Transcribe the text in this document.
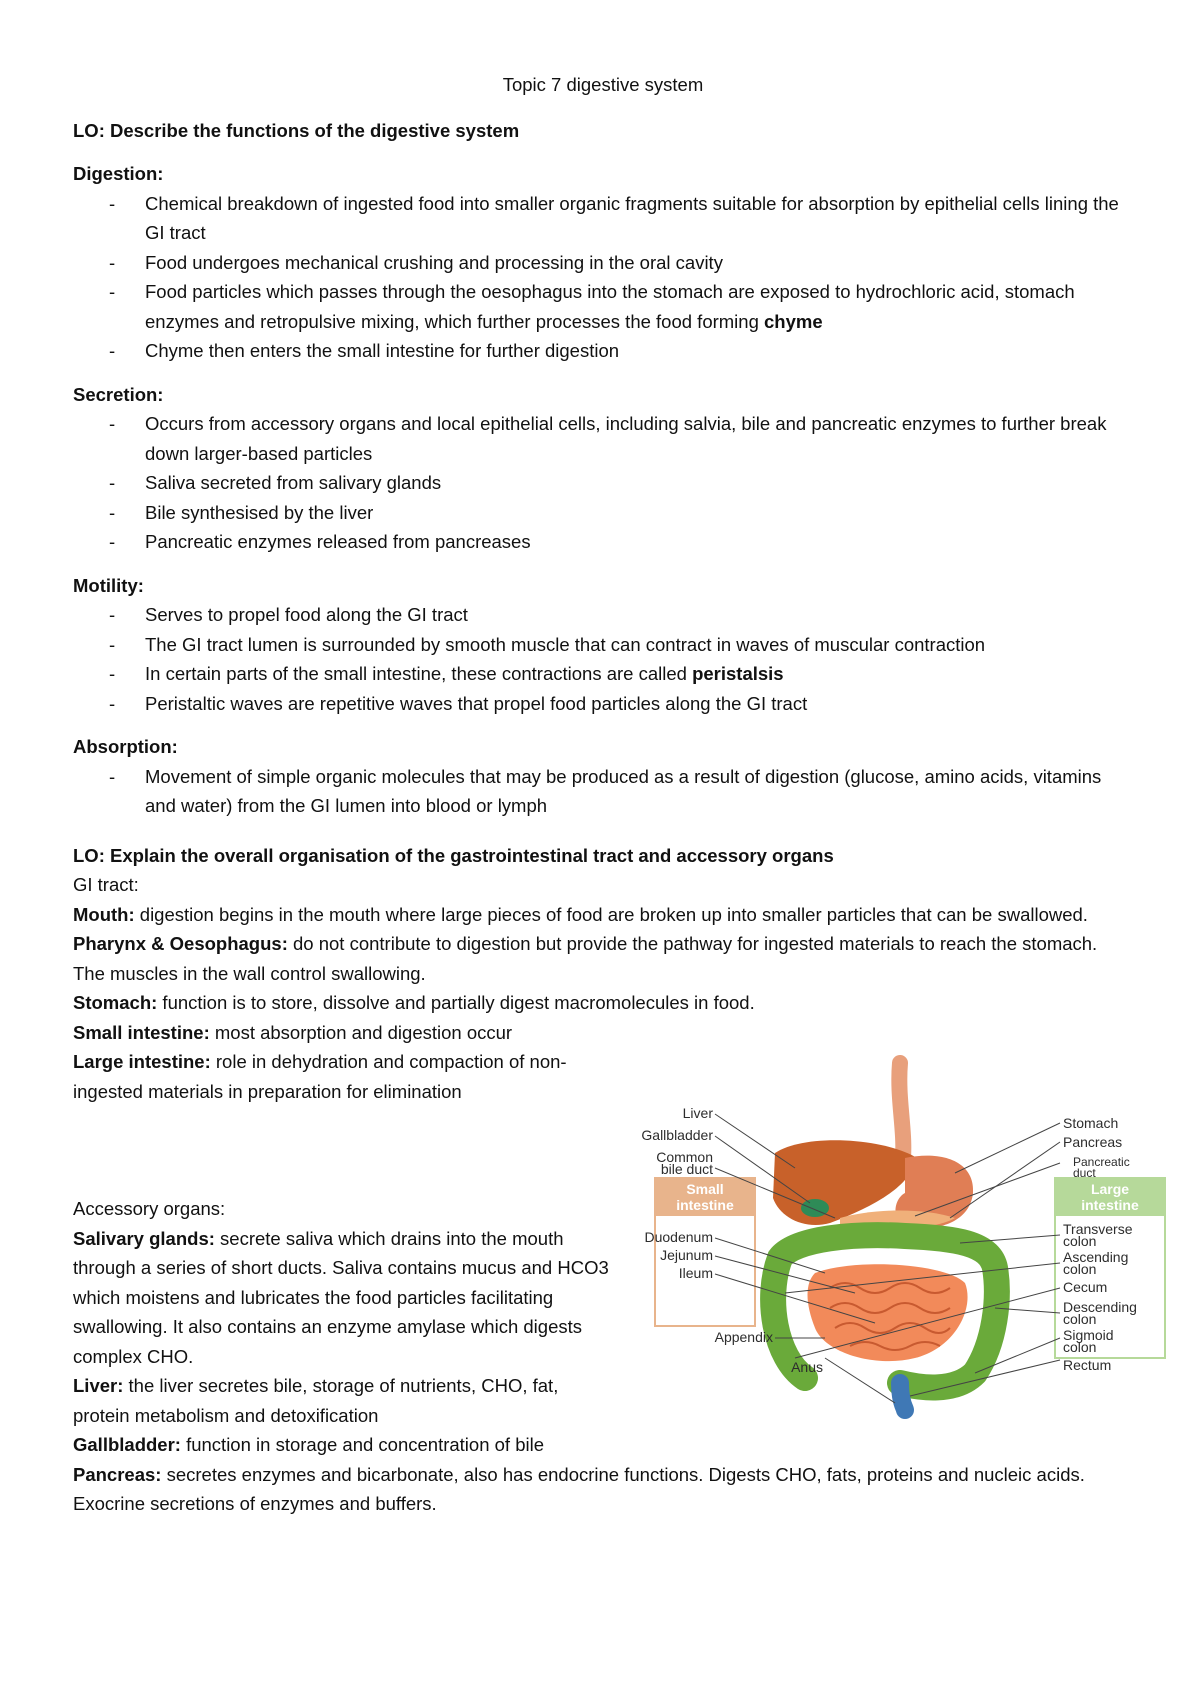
Topic 7 digestive system
LO: Describe the functions of the digestive system
Digestion:
- Chemical breakdown of ingested food into smaller organic fragments suitable for absorption by epithelial cells lining the GI tract
- Food undergoes mechanical crushing and processing in the oral cavity
- Food particles which passes through the oesophagus into the stomach are exposed to hydrochloric acid, stomach enzymes and retropulsive mixing, which further processes the food forming chyme
- Chyme then enters the small intestine for further digestion
Secretion:
- Occurs from accessory organs and local epithelial cells, including salvia, bile and pancreatic enzymes to further break down larger-based particles
- Saliva secreted from salivary glands
- Bile synthesised by the liver
- Pancreatic enzymes released from pancreases
Motility:
- Serves to propel food along the GI tract
- The GI tract lumen is surrounded by smooth muscle that can contract in waves of muscular contraction
- In certain parts of the small intestine, these contractions are called peristalsis
- Peristaltic waves are repetitive waves that propel food particles along the GI tract
Absorption:
- Movement of simple organic molecules that may be produced as a result of digestion (glucose, amino acids, vitamins and water) from the GI lumen into blood or lymph
LO: Explain the overall organisation of the gastrointestinal tract and accessory organs
GI tract:
Mouth: digestion begins in the mouth where large pieces of food are broken up into smaller particles that can be swallowed.
Pharynx & Oesophagus: do not contribute to digestion but provide the pathway for ingested materials to reach the stomach. The muscles in the wall control swallowing.
Stomach: function is to store, dissolve and partially digest macromolecules in food.
Small intestine: most absorption and digestion occur
Large intestine: role in dehydration and compaction of non-ingested materials in preparation for elimination
Accessory organs:
Salivary glands: secrete saliva which drains into the mouth through a series of short ducts. Saliva contains mucus and HCO3 which moistens and lubricates the food particles facilitating swallowing. It also contains an enzyme amylase which digests complex CHO.
Liver: the liver secretes bile, storage of nutrients, CHO, fat, protein metabolism and detoxification
Gallbladder: function in storage and concentration of bile
Pancreas: secretes enzymes and bicarbonate, also has endocrine functions. Digests CHO, fats, proteins and nucleic acids. Exocrine secretions of enzymes and buffers.
Small
intestine
Large
intestine
Liver
Gallbladder
Common
bile duct
Duodenum
Jejunum
Ileum
Appendix
Anus
Stomach
Pancreas
Pancreatic
duct
Transverse
colon
Ascending
colon
Cecum
Descending
colon
Sigmoid
colon
Rectum
